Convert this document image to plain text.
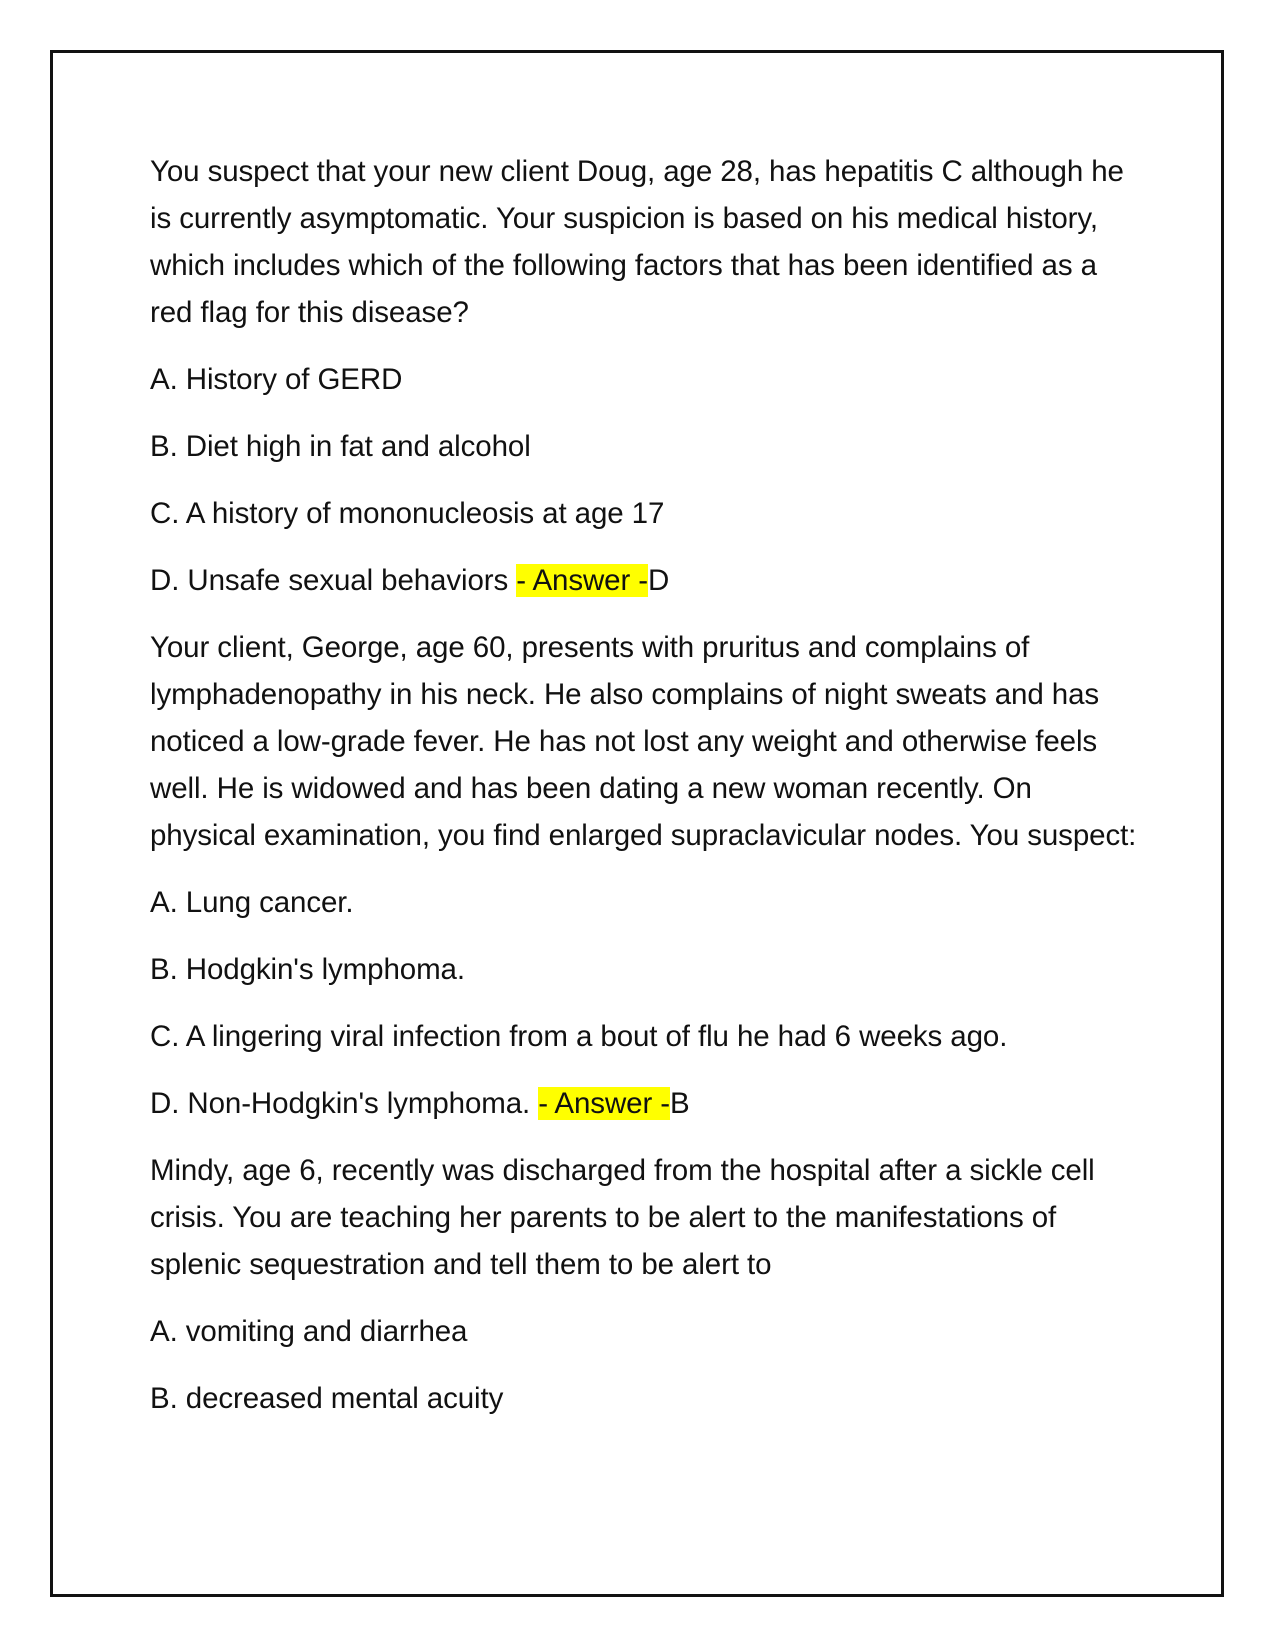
You suspect that your new client Doug, age 28, has hepatitis C although he is currently asymptomatic. Your suspicion is based on his medical history, which includes which of the following factors that has been identified as a red flag for this disease?

A. History of GERD

B. Diet high in fat and alcohol

C. A history of mononucleosis at age 17

D. Unsafe sexual behaviors - Answer -D

Your client, George, age 60, presents with pruritus and complains of lymphadenopathy in his neck. He also complains of night sweats and has noticed a low-grade fever. He has not lost any weight and otherwise feels well. He is widowed and has been dating a new woman recently. On physical examination, you find enlarged supraclavicular nodes. You suspect:

A. Lung cancer.

B. Hodgkin's lymphoma.

C. A lingering viral infection from a bout of flu he had 6 weeks ago.

D. Non-Hodgkin's lymphoma. - Answer -B

Mindy, age 6, recently was discharged from the hospital after a sickle cell crisis. You are teaching her parents to be alert to the manifestations of splenic sequestration and tell them to be alert to

A. vomiting and diarrhea

B. decreased mental acuity
